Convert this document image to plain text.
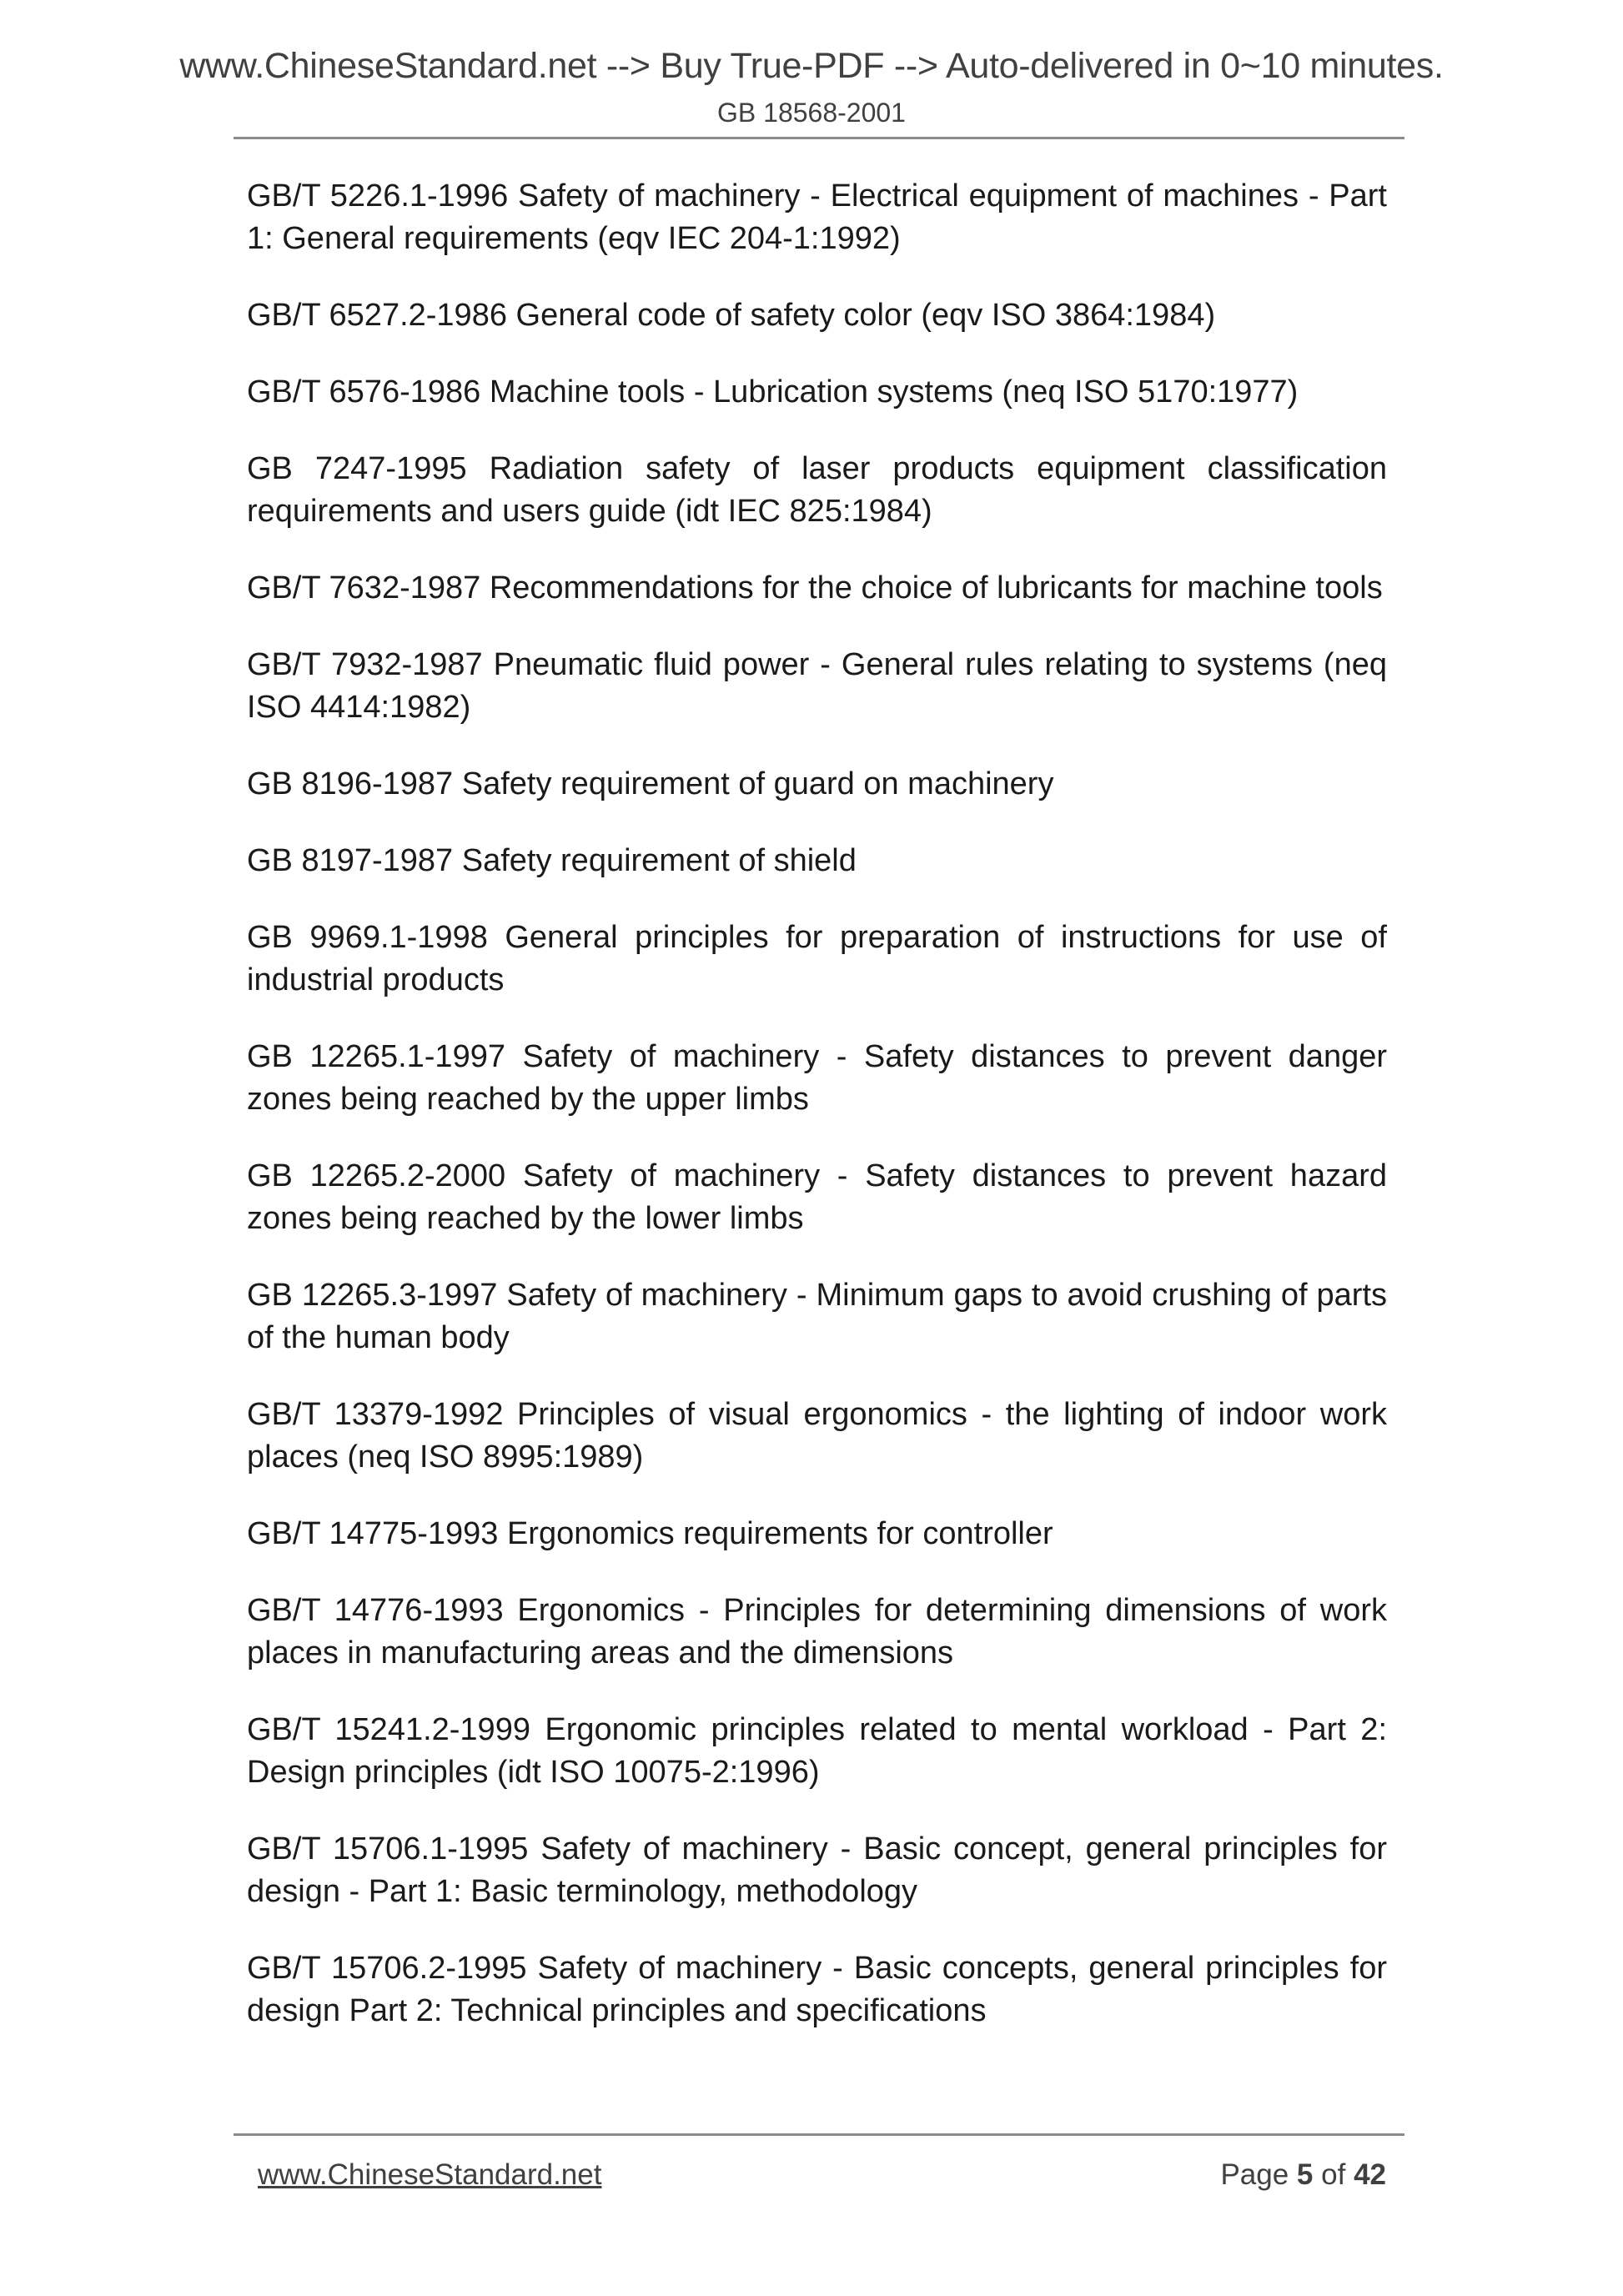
www.ChineseStandard.net --> Buy True-PDF --> Auto-delivered in 0~10 minutes.
GB 18568-2001

GB/T 5226.1-1996 Safety of machinery - Electrical equipment of machines - Part 1: General requirements (eqv IEC 204-1:1992)

GB/T 6527.2-1986 General code of safety color (eqv ISO 3864:1984)

GB/T 6576-1986 Machine tools - Lubrication systems (neq ISO 5170:1977)

GB 7247-1995 Radiation safety of laser products equipment classification requirements and users guide (idt IEC 825:1984)

GB/T 7632-1987 Recommendations for the choice of lubricants for machine tools

GB/T 7932-1987 Pneumatic fluid power - General rules relating to systems (neq ISO 4414:1982)

GB 8196-1987 Safety requirement of guard on machinery

GB 8197-1987 Safety requirement of shield

GB 9969.1-1998 General principles for preparation of instructions for use of industrial products

GB 12265.1-1997 Safety of machinery - Safety distances to prevent danger zones being reached by the upper limbs

GB 12265.2-2000 Safety of machinery - Safety distances to prevent hazard zones being reached by the lower limbs

GB 12265.3-1997 Safety of machinery - Minimum gaps to avoid crushing of parts of the human body

GB/T 13379-1992 Principles of visual ergonomics - the lighting of indoor work places (neq ISO 8995:1989)

GB/T 14775-1993 Ergonomics requirements for controller

GB/T 14776-1993 Ergonomics - Principles for determining dimensions of work places in manufacturing areas and the dimensions

GB/T 15241.2-1999 Ergonomic principles related to mental workload - Part 2: Design principles (idt ISO 10075-2:1996)

GB/T 15706.1-1995 Safety of machinery - Basic concept, general principles for design - Part 1: Basic terminology, methodology

GB/T 15706.2-1995 Safety of machinery - Basic concepts, general principles for design Part 2: Technical principles and specifications

www.ChineseStandard.net	Page 5 of 42
